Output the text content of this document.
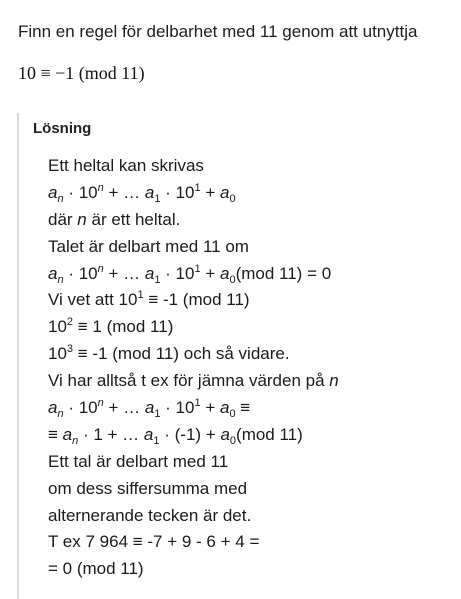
Finn en regel för delbarhet med 11 genom att utnyttja
10 ≡ −1 (mod 11)
Lösning
Ett heltal kan skrivas
$a_n \cdot 10^n$ + … $a_1 \cdot 10^1 + a_0$
där n är ett heltal.
Talet är delbart med 11 om
$a_n \cdot 10^n$ + … $a_1 \cdot 10^1 + a_0(mod$ 11) = 0
Vi vet att $10^1 \equiv -1$ (mod 11)
$10^2 \equiv 1$ (mod 11)
$10^3 \equiv -1$ (mod 11) och så vidare.
Vi har alltså t ex för jämna värden på n
$a_n \cdot 10^n$ + … $a_1 \cdot 10^1 + a_0$ ≡
≡ $a_n \cdot 1$ + … $a_1 \cdot (-1) + a_0(mod$ 11)
Ett tal är delbart med 11
om dess siffersumma med
alternerande tecken är det.
T ex 7 964 ≡ -7 + 9 - 6 + 4 =
= 0 (mod 11)
